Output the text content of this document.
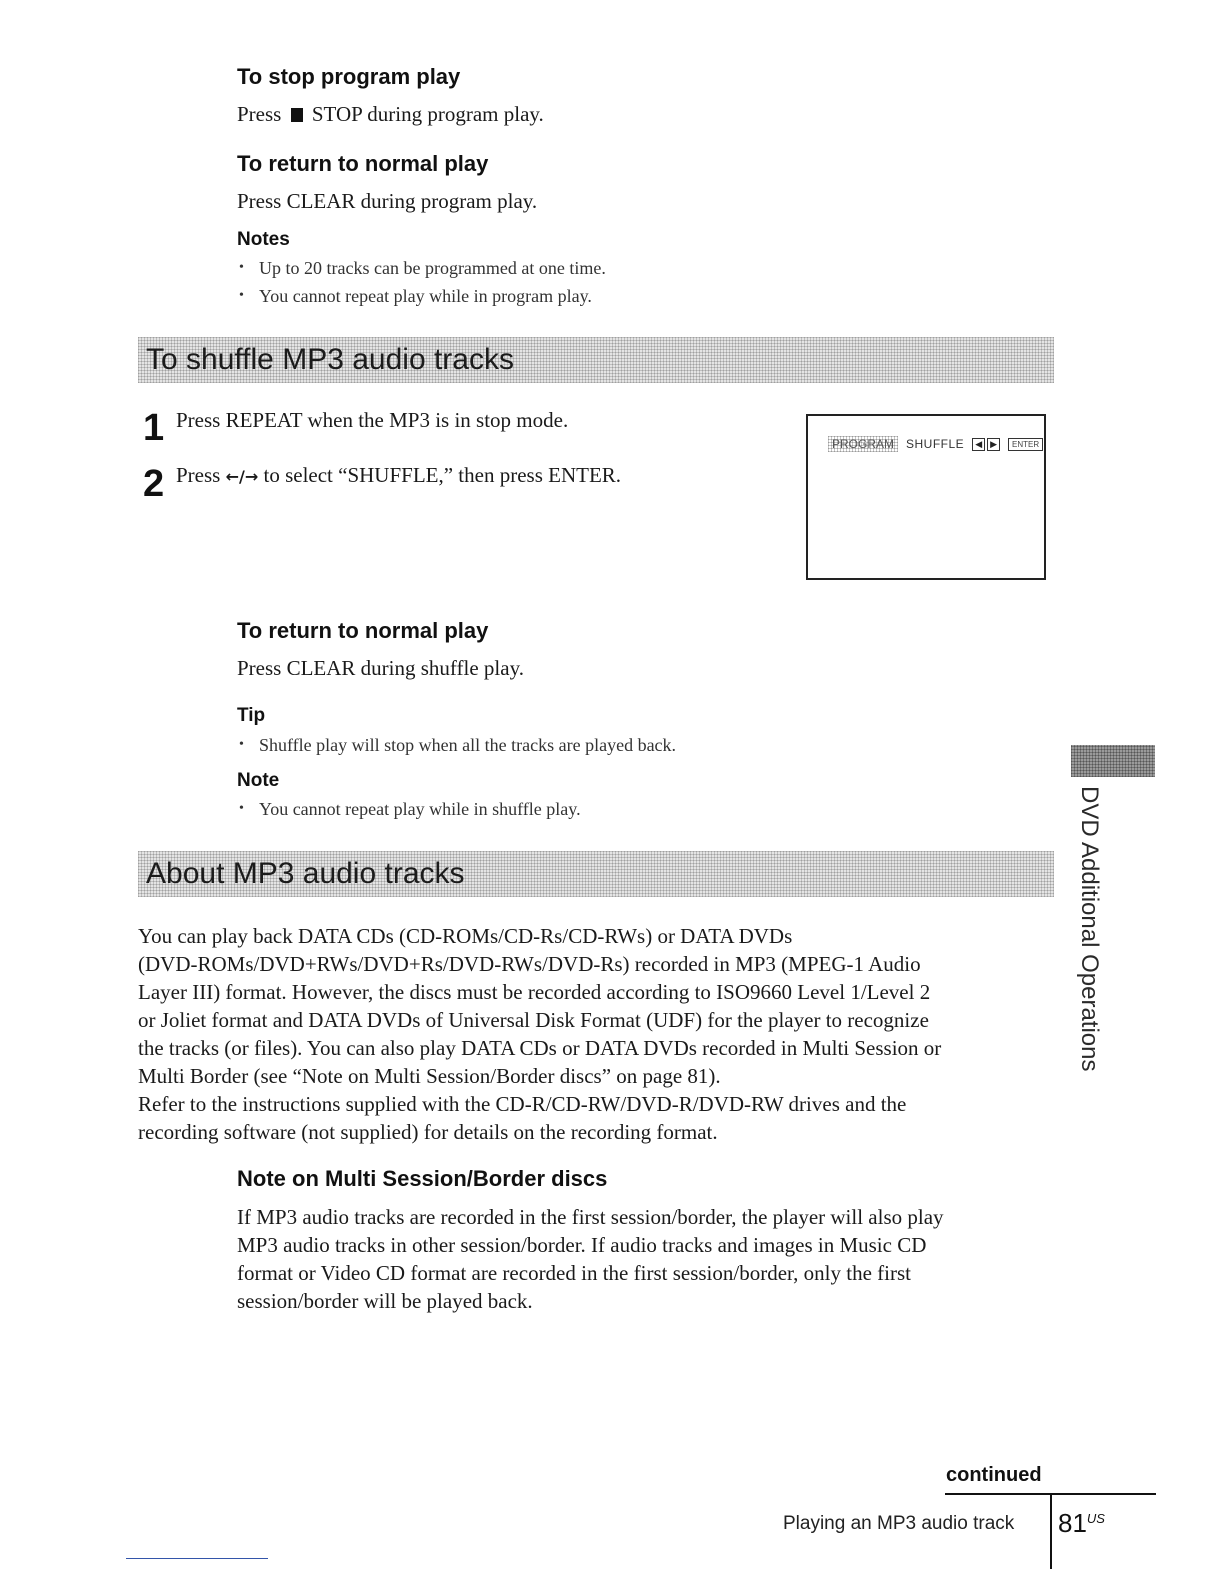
To stop program play
Press STOP during program play.
To return to normal play
Press CLEAR during program play.
Notes
• Up to 20 tracks can be programmed at one time.
• You cannot repeat play while in program play.
To shuffle MP3 audio tracks
1 Press REPEAT when the MP3 is in stop mode.
2 Press ←/→ to select “SHUFFLE,” then press ENTER.
PROGRAM	SHUFFLE	◀ ▶	ENTER
To return to normal play
Press CLEAR during shuffle play.
Tip
• Shuffle play will stop when all the tracks are played back.
Note
• You cannot repeat play while in shuffle play.
About MP3 audio tracks
You can play back DATA CDs (CD-ROMs/CD-Rs/CD-RWs) or DATA DVDs
(DVD-ROMs/DVD+RWs/DVD+Rs/DVD-RWs/DVD-Rs) recorded in MP3 (MPEG-1 Audio
Layer III) format. However, the discs must be recorded according to ISO9660 Level 1/Level 2
or Joliet format and DATA DVDs of Universal Disk Format (UDF) for the player to recognize
the tracks (or files). You can also play DATA CDs or DATA DVDs recorded in Multi Session or
Multi Border (see “Note on Multi Session/Border discs” on page 81).
Refer to the instructions supplied with the CD-R/CD-RW/DVD-R/DVD-RW drives and the
recording software (not supplied) for details on the recording format.
Note on Multi Session/Border discs
If MP3 audio tracks are recorded in the first session/border, the player will also play
MP3 audio tracks in other session/border. If audio tracks and images in Music CD
format or Video CD format are recorded in the first session/border, only the first
session/border will be played back.
DVD Additional Operations
continued
Playing an MP3 audio track $81^{US}$
